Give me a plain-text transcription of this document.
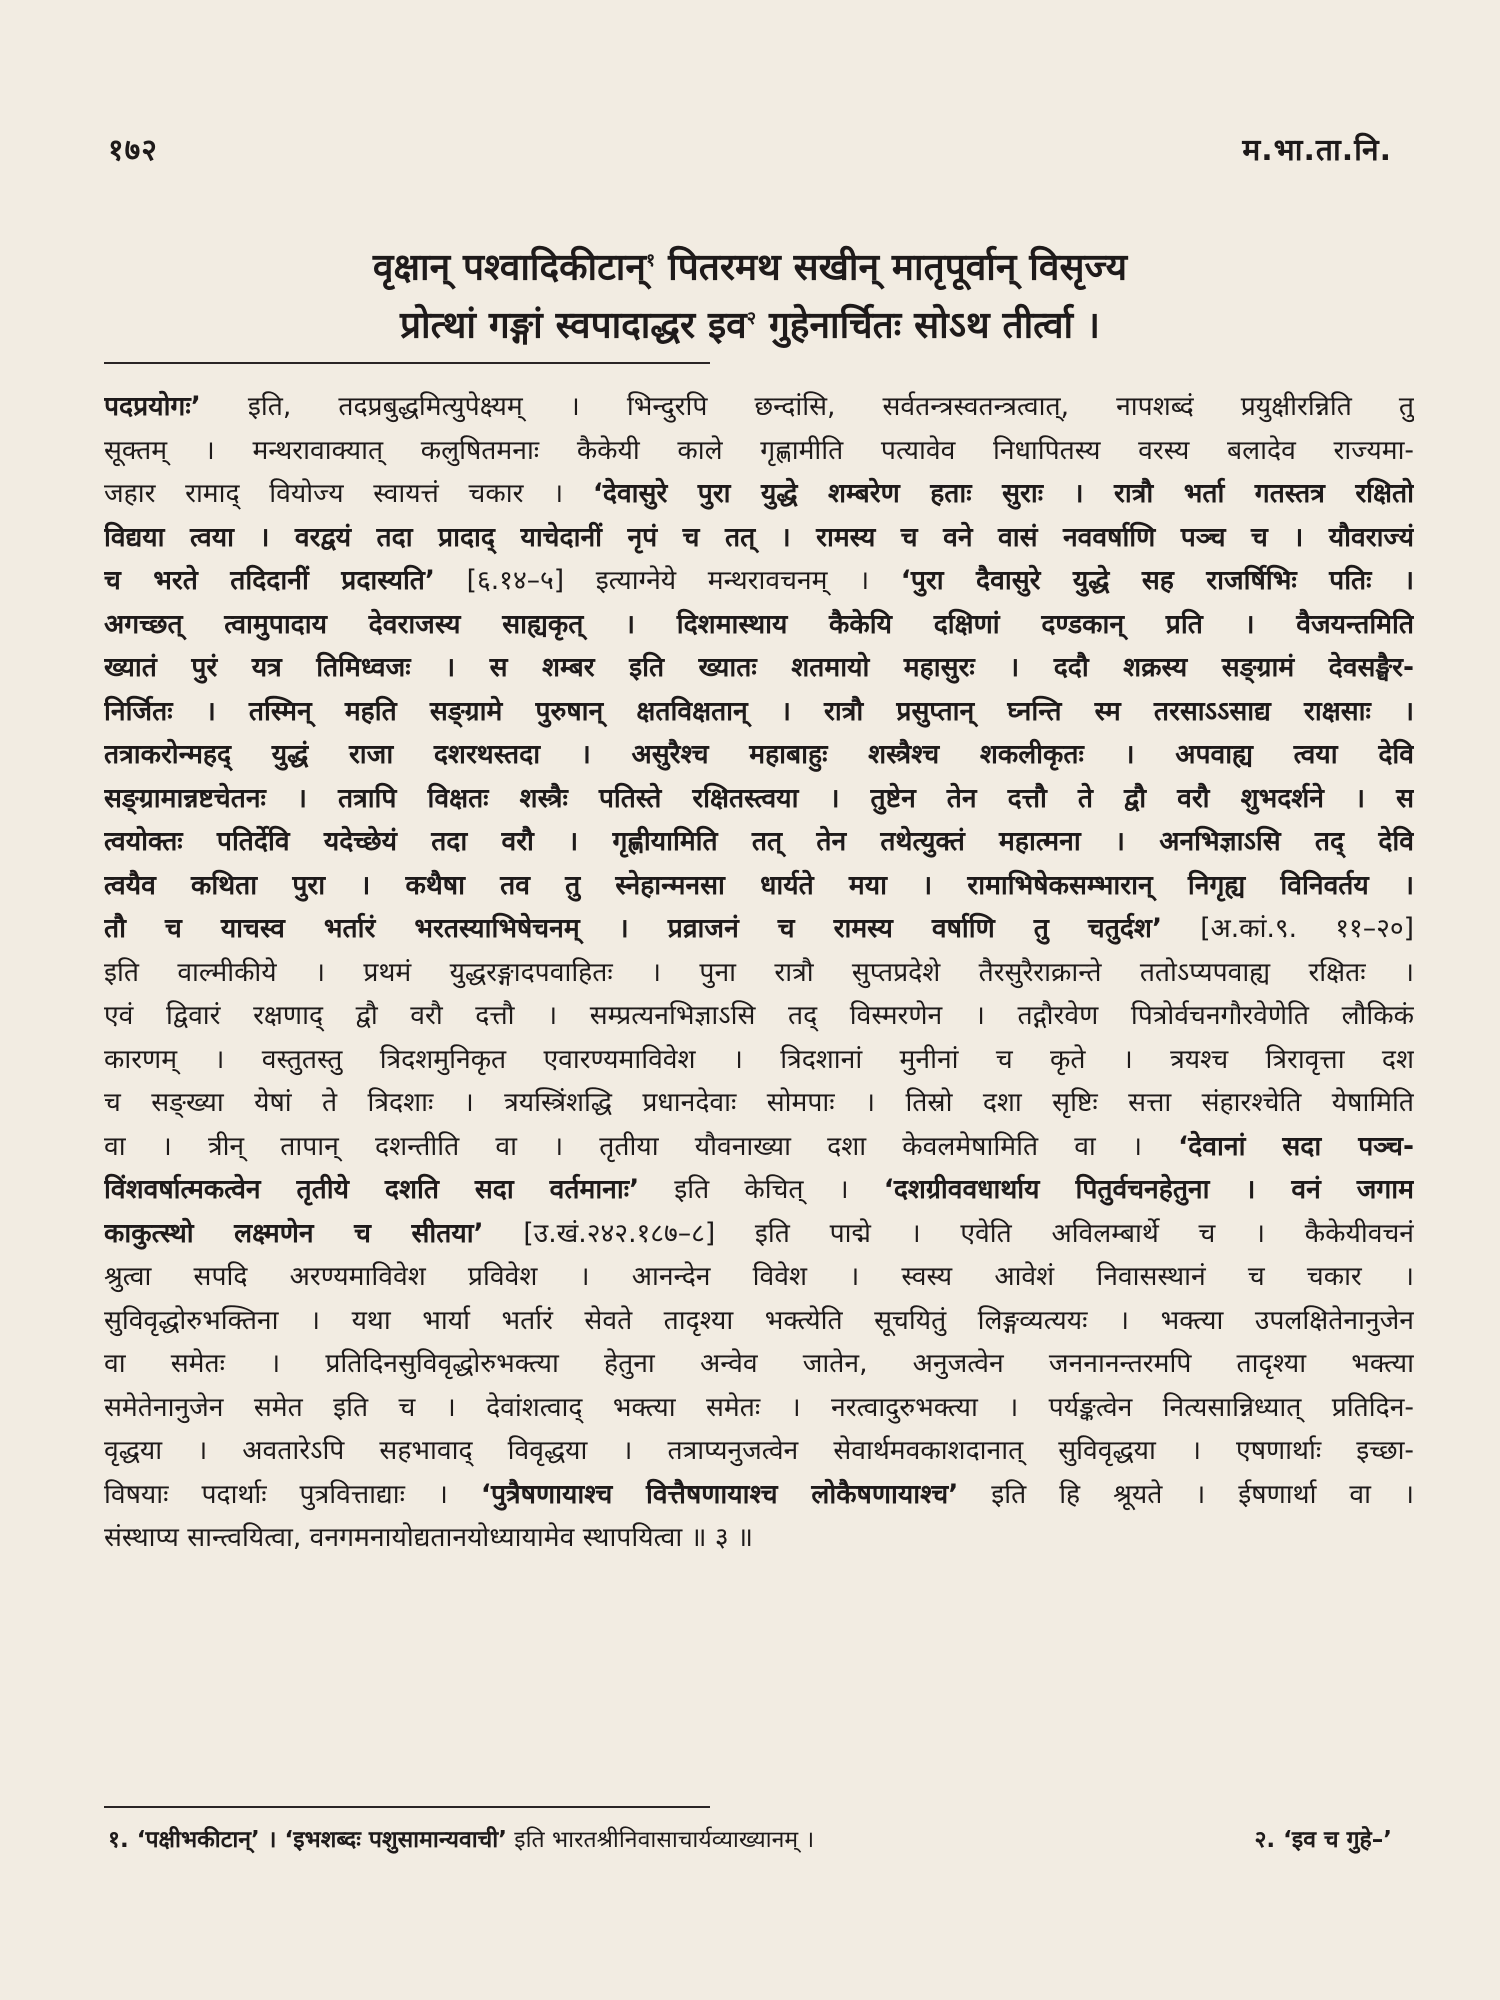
१७२	म.भा.ता.नि.
वृक्षान् पश्वादिकीटान्$^१$ पितरमथ सखीन् मातृपूर्वान् विसृज्य
प्रोत्थां गङ्गां स्वपादाद्धर इव$^२$ गुहेनार्चितः सोऽथ तीर्त्वा ।
पदप्रयोगः’ इति, तदप्रबुद्धमित्युपेक्ष्यम् । भिन्दुरपि छन्दांसि, सर्वतन्त्रस्वतन्त्रत्वात्, नापशब्दं प्रयुक्षीरन्निति तु
सूक्तम् । मन्थरावाक्यात् कलुषितमनाः कैकेयी काले गृह्णामीति पत्यावेव निधापितस्य वरस्य बलादेव राज्यमा-
जहार रामाद् वियोज्य स्वायत्तं चकार । ‘देवासुरे पुरा युद्धे शम्बरेण हताः सुराः । रात्रौ भर्ता गतस्तत्र रक्षितो
विद्यया त्वया । वरद्वयं तदा प्रादाद् याचेदानीं नृपं च तत् । रामस्य च वने वासं नववर्षाणि पञ्च च । यौवराज्यं
च भरते तदिदानीं प्रदास्यति’ [६.१४–५] इत्याग्नेये मन्थरावचनम् । ‘पुरा दैवासुरे युद्धे सह राजर्षिभिः पतिः ।
अगच्छत् त्वामुपादाय देवराजस्य साह्यकृत् । दिशमास्थाय कैकेयि दक्षिणां दण्डकान् प्रति । वैजयन्तमिति
ख्यातं पुरं यत्र तिमिध्वजः । स शम्बर इति ख्यातः शतमायो महासुरः । ददौ शक्रस्य सङ्ग्रामं देवसङ्घैर-
निर्जितः । तस्मिन् महति सङ्ग्रामे पुरुषान् क्षतविक्षतान् । रात्रौ प्रसुप्तान् घ्नन्ति स्म तरसाऽऽसाद्य राक्षसाः ।
तत्राकरोन्महद् युद्धं राजा दशरथस्तदा । असुरैश्च महाबाहुः शस्त्रैश्च शकलीकृतः । अपवाह्य त्वया देवि
सङ्ग्रामान्नष्टचेतनः । तत्रापि विक्षतः शस्त्रैः पतिस्ते रक्षितस्त्वया । तुष्टेन तेन दत्तौ ते द्वौ वरौ शुभदर्शने । स
त्वयोक्तः पतिर्देवि यदेच्छेयं तदा वरौ । गृह्णीयामिति तत् तेन तथेत्युक्तं महात्मना । अनभिज्ञाऽसि तद् देवि
त्वयैव कथिता पुरा । कथैषा तव तु स्नेहान्मनसा धार्यते मया । रामाभिषेकसम्भारान् निगृह्य विनिवर्तय ।
तौ च याचस्व भर्तारं भरतस्याभिषेचनम् । प्रव्राजनं च रामस्य वर्षाणि तु चतुर्दश’ [अ.कां.९. ११–२०]
इति वाल्मीकीये । प्रथमं युद्धरङ्गादपवाहितः । पुना रात्रौ सुप्तप्रदेशे तैरसुरैराक्रान्ते ततोऽप्यपवाह्य रक्षितः ।
एवं द्विवारं रक्षणाद् द्वौ वरौ दत्तौ । सम्प्रत्यनभिज्ञाऽसि तद् विस्मरणेन । तद्गौरवेण पित्रोर्वचनगौरवेणेति लौकिकं
कारणम् । वस्तुतस्तु त्रिदशमुनिकृत एवारण्यमाविवेश । त्रिदशानां मुनीनां च कृते । त्रयश्च त्रिरावृत्ता दश
च सङ्ख्या येषां ते त्रिदशाः । त्रयस्त्रिंशद्धि प्रधानदेवाः सोमपाः । तिस्रो दशा सृष्टिः सत्ता संहारश्चेति येषामिति
वा । त्रीन् तापान् दशन्तीति वा । तृतीया यौवनाख्या दशा केवलमेषामिति वा । ‘देवानां सदा पञ्च-
विंशवर्षात्मकत्वेन तृतीये दशति सदा वर्तमानाः’ इति केचित् । ‘दशग्रीववधार्थाय पितुर्वचनहेतुना । वनं जगाम
काकुत्स्थो लक्ष्मणेन च सीतया’ [उ.खं.२४२.१८७–८] इति पाद्मे । एवेति अविलम्बार्थे च । कैकेयीवचनं
श्रुत्वा सपदि अरण्यमाविवेश प्रविवेश । आनन्देन विवेश । स्वस्य आवेशं निवासस्थानं च चकार ।
सुविवृद्धोरुभक्तिना । यथा भार्या भर्तारं सेवते तादृश्या भक्त्येति सूचयितुं लिङ्गव्यत्ययः । भक्त्या उपलक्षितेनानुजेन
वा समेतः । प्रतिदिनसुविवृद्धोरुभक्त्या हेतुना अन्वेव जातेन, अनुजत्वेन जननानन्तरमपि तादृश्या भक्त्या
समेतेनानुजेन समेत इति च । देवांशत्वाद् भक्त्या समेतः । नरत्वादुरुभक्त्या । पर्यङ्कत्वेन नित्यसान्निध्यात् प्रतिदिन-
वृद्धया । अवतारेऽपि सहभावाद् विवृद्धया । तत्राप्यनुजत्वेन सेवार्थमवकाशदानात् सुविवृद्धया । एषणार्थाः इच्छा-
विषयाः पदार्थाः पुत्रवित्ताद्याः । ‘पुत्रैषणायाश्च वित्तैषणायाश्च लोकैषणायाश्च’ इति हि श्रूयते । ईषणार्था वा ।
संस्थाप्य सान्त्वयित्वा, वनगमनायोद्यतानयोध्यायामेव स्थापयित्वा ॥ ३ ॥
१. ‘पक्षीभकीटान्’ । ‘इभशब्दः पशुसामान्यवाची’ इति भारतश्रीनिवासाचार्यव्याख्यानम् ।	२. ‘इव च गुहे–’
